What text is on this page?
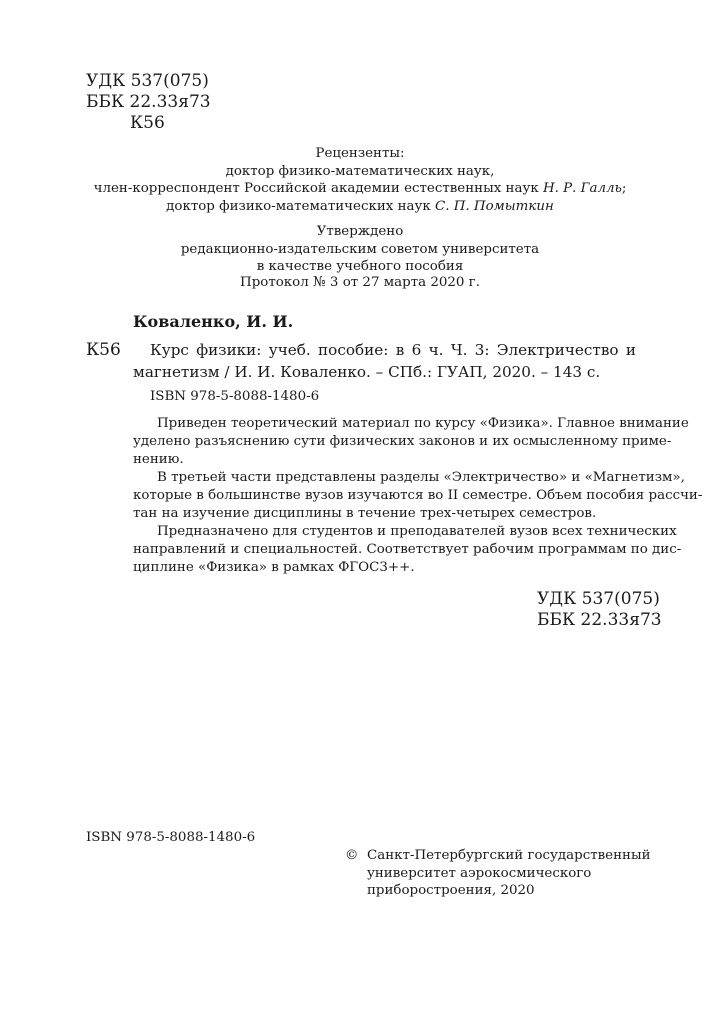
УДК 537(075)
ББК 22.33я73
К56
Рецензенты:
доктор физико-математических наук,
член-корреспондент Российской академии естественных наук Н. Р. Галль;
доктор физико-математических наук С. П. Помыткин
Утверждено
редакционно-издательским советом университета
в качестве учебного пособия
Протокол № 3 от 27 марта 2020 г.
Коваленко, И. И.
К56 Курс физики: учеб. пособие: в 6 ч. Ч. 3: Электричество и
магнетизм / И. И. Коваленко. – СПб.: ГУАП, 2020. – 143 с.
ISBN 978-5-8088-1480-6
Приведен теоретический материал по курсу «Физика». Главное внимание
уделено разъяснению сути физических законов и их осмысленному приме-
нению.
В третьей части представлены разделы «Электричество» и «Магнетизм»,
которые в большинстве вузов изучаются во II семестре. Объем пособия рассчи-
тан на изучение дисциплины в течение трех-четырех семестров.
Предназначено для студентов и преподавателей вузов всех технических
направлений и специальностей. Соответствует рабочим программам по дис-
циплине «Физика» в рамках ФГОС3++.
УДК 537(075)
ББК 22.33я73
ISBN 978-5-8088-1480-6
© Санкт-Петербургский государственный
университет аэрокосмического
приборостроения, 2020
